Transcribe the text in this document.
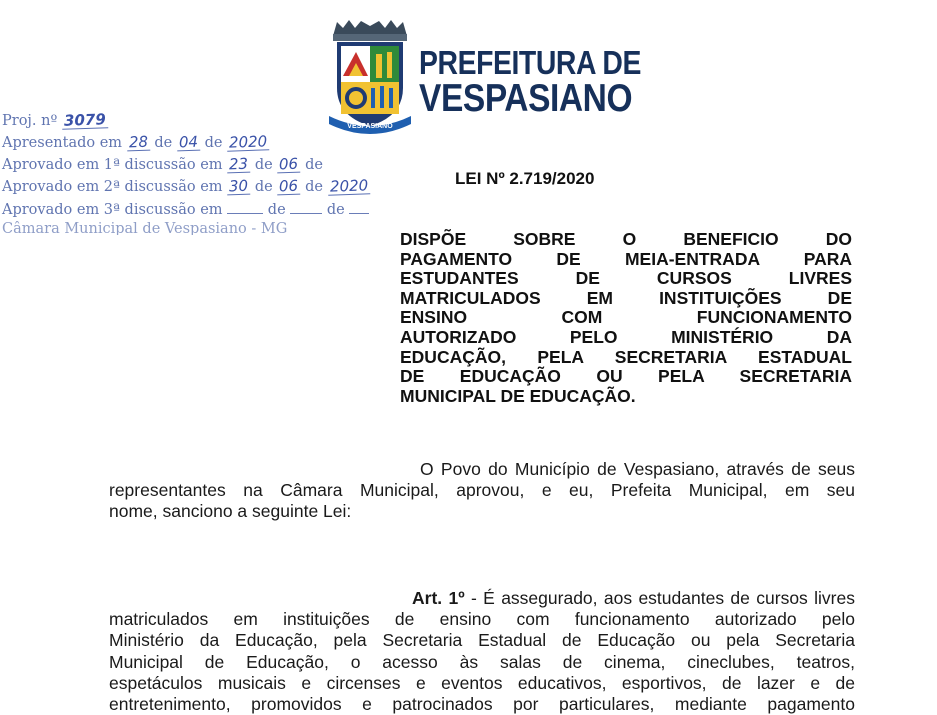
VESPASIANO
PREFEITURA DE
VESPASIANO
Proj. nº 3079
Apresentado em 28 de 04 de 2020
Aprovado em 1ª discussão em 23 de 06 de
Aprovado em 2ª discussão em 30 de 06 de 2020
Aprovado em 3ª discussão em	de	de
Câmara Municipal de Vespasiano - MG
LEI Nº 2.719/2020
DISPÕE SOBRE O BENEFICIO DO
PAGAMENTO DE MEIA-ENTRADA PARA
ESTUDANTES DE CURSOS LIVRES
MATRICULADOS EM INSTITUIÇÕES DE
ENSINO COM FUNCIONAMENTO
AUTORIZADO PELO MINISTÉRIO DA
EDUCAÇÃO, PELA SECRETARIA ESTADUAL
DE EDUCAÇÃO OU PELA SECRETARIA
MUNICIPAL DE EDUCAÇÃO.
O Povo do Município de Vespasiano, através de seus
representantes na Câmara Municipal, aprovou, e eu, Prefeita Municipal, em seu
nome, sanciono a seguinte Lei:
Art. 1º - É assegurado, aos estudantes de cursos livres
matriculados em instituições de ensino com funcionamento autorizado pelo
Ministério da Educação, pela Secretaria Estadual de Educação ou pela Secretaria
Municipal de Educação, o acesso às salas de cinema, cineclubes, teatros,
espetáculos musicais e circenses e eventos educativos, esportivos, de lazer e de
entretenimento, promovidos e patrocinados por particulares, mediante pagamento
